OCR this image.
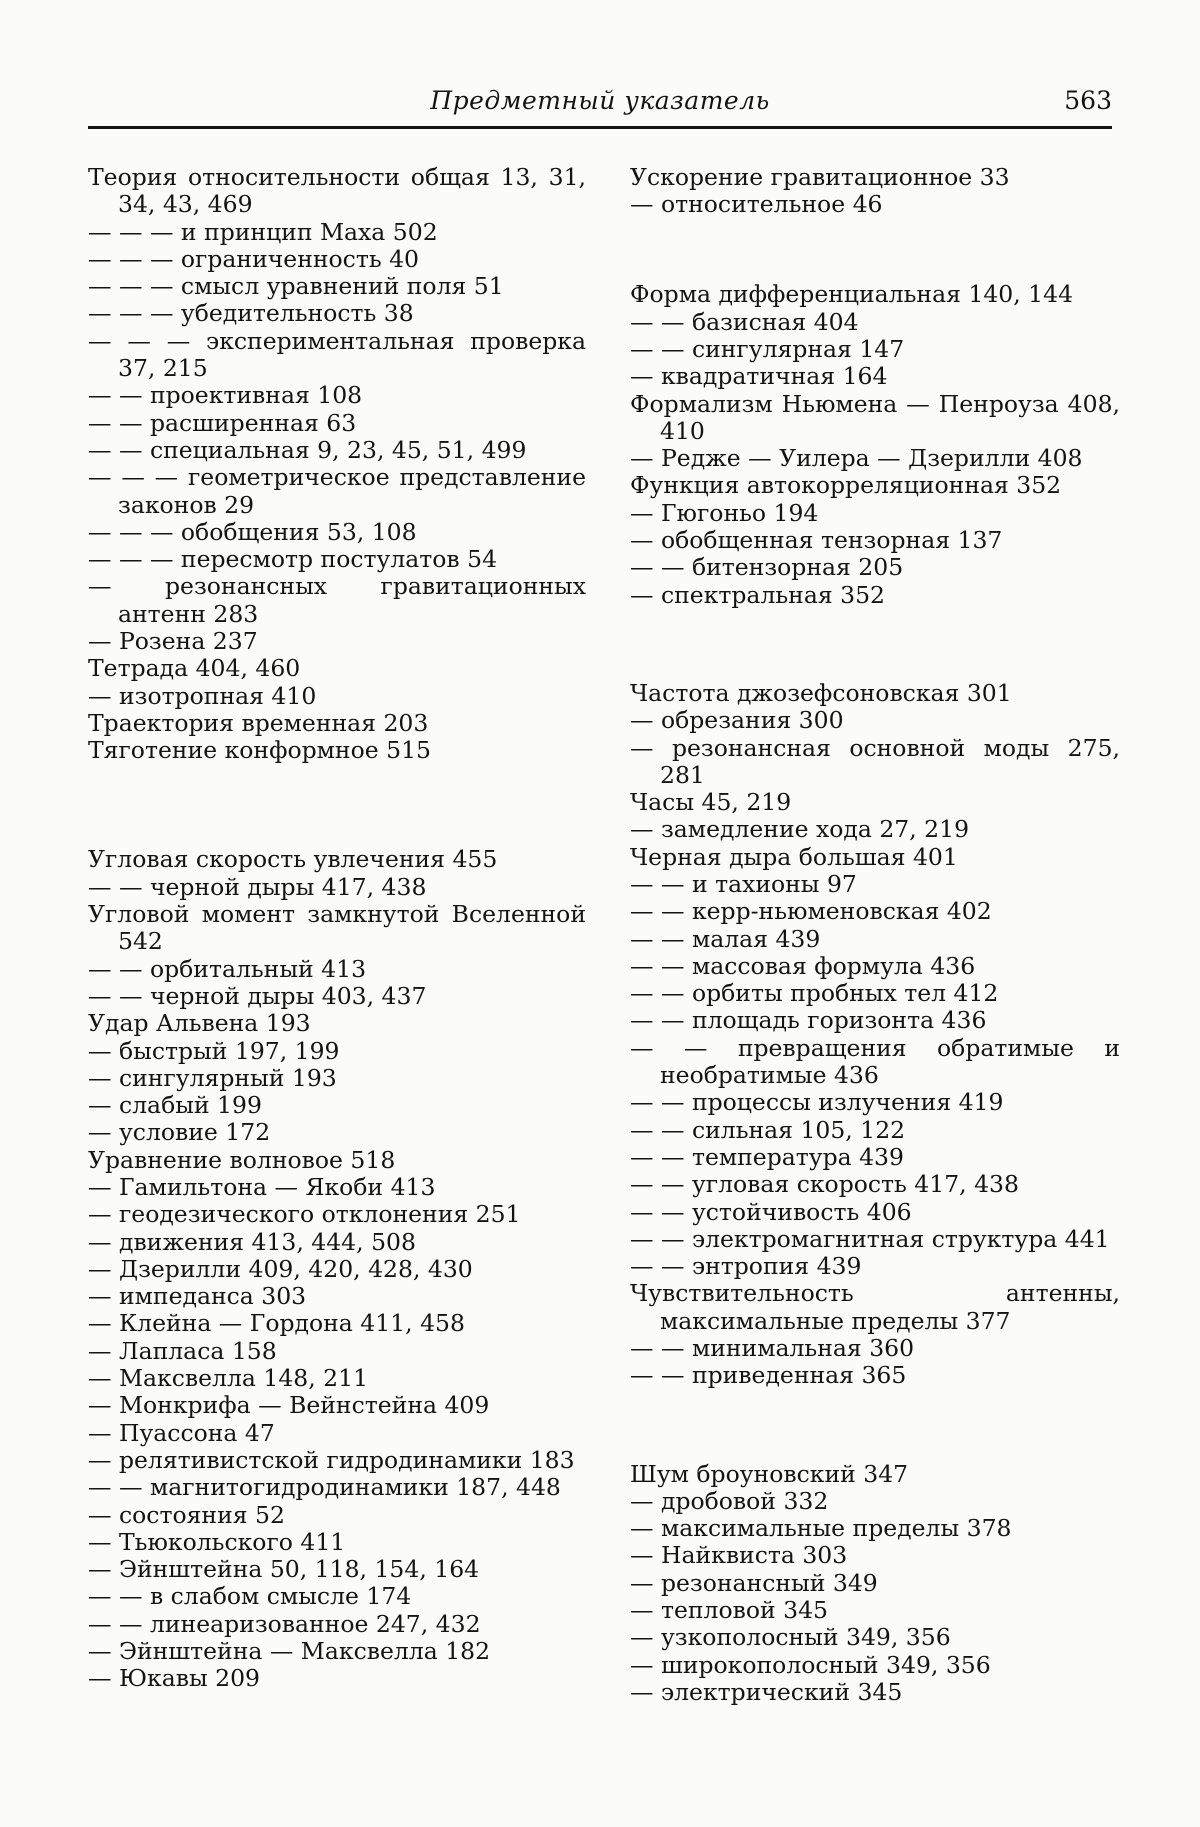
Предметный указатель	563
Теория относительности общая 13, 31, 34, 43, 469
— — — и принцип Маха 502
— — — ограниченность 40
— — — смысл уравнений поля 51
— — — убедительность 38
— — — экспериментальная проверка 37, 215
— — проективная 108
— — расширенная 63
— — специальная 9, 23, 45, 51, 499
— — — геометрическое представление законов 29
— — — обобщения 53, 108
— — — пересмотр постулатов 54
— резонансных гравитационных антенн 283
— Розена 237
Тетрада 404, 460
— изотропная 410
Траектория временная 203
Тяготение конформное 515
Угловая скорость увлечения 455
— — черной дыры 417, 438
Угловой момент замкнутой Вселенной 542
— — орбитальный 413
— — черной дыры 403, 437
Удар Альвена 193
— быстрый 197, 199
— сингулярный 193
— слабый 199
— условие 172
Уравнение волновое 518
— Гамильтона — Якоби 413
— геодезического отклонения 251
— движения 413, 444, 508
— Дзерилли 409, 420, 428, 430
— импеданса 303
— Клейна — Гордона 411, 458
— Лапласа 158
— Максвелла 148, 211
— Монкрифа — Вейнстейна 409
— Пуассона 47
— релятивистской гидродинамики 183
— — магнитогидродинамики 187, 448
— состояния 52
— Тьюкольского 411
— Эйнштейна 50, 118, 154, 164
— — в слабом смысле 174
— — линеаризованное 247, 432
— Эйнштейна — Максвелла 182
— Юкавы 209
Ускорение гравитационное 33
— относительное 46
Форма дифференциальная 140, 144
— — базисная 404
— — сингулярная 147
— квадратичная 164
Формализм Ньюмена — Пенроуза 408, 410
— Редже — Уилера — Дзерилли 408
Функция автокорреляционная 352
— Гюгоньо 194
— обобщенная тензорная 137
— — битензорная 205
— спектральная 352
Частота джозефсоновская 301
— обрезания 300
— резонансная основной моды 275, 281
Часы 45, 219
— замедление хода 27, 219
Черная дыра большая 401
— — и тахионы 97
— — керр-ньюменовская 402
— — малая 439
— — массовая формула 436
— — орбиты пробных тел 412
— — площадь горизонта 436
— — превращения обратимые и необратимые 436
— — процессы излучения 419
— — сильная 105, 122
— — температура 439
— — угловая скорость 417, 438
— — устойчивость 406
— — электромагнитная структура 441
— — энтропия 439
Чувствительность антенны, максимальные пределы 377
— — минимальная 360
— — приведенная 365
Шум броуновский 347
— дробовой 332
— максимальные пределы 378
— Найквиста 303
— резонансный 349
— тепловой 345
— узкополосный 349, 356
— широкополосный 349, 356
— электрический 345
